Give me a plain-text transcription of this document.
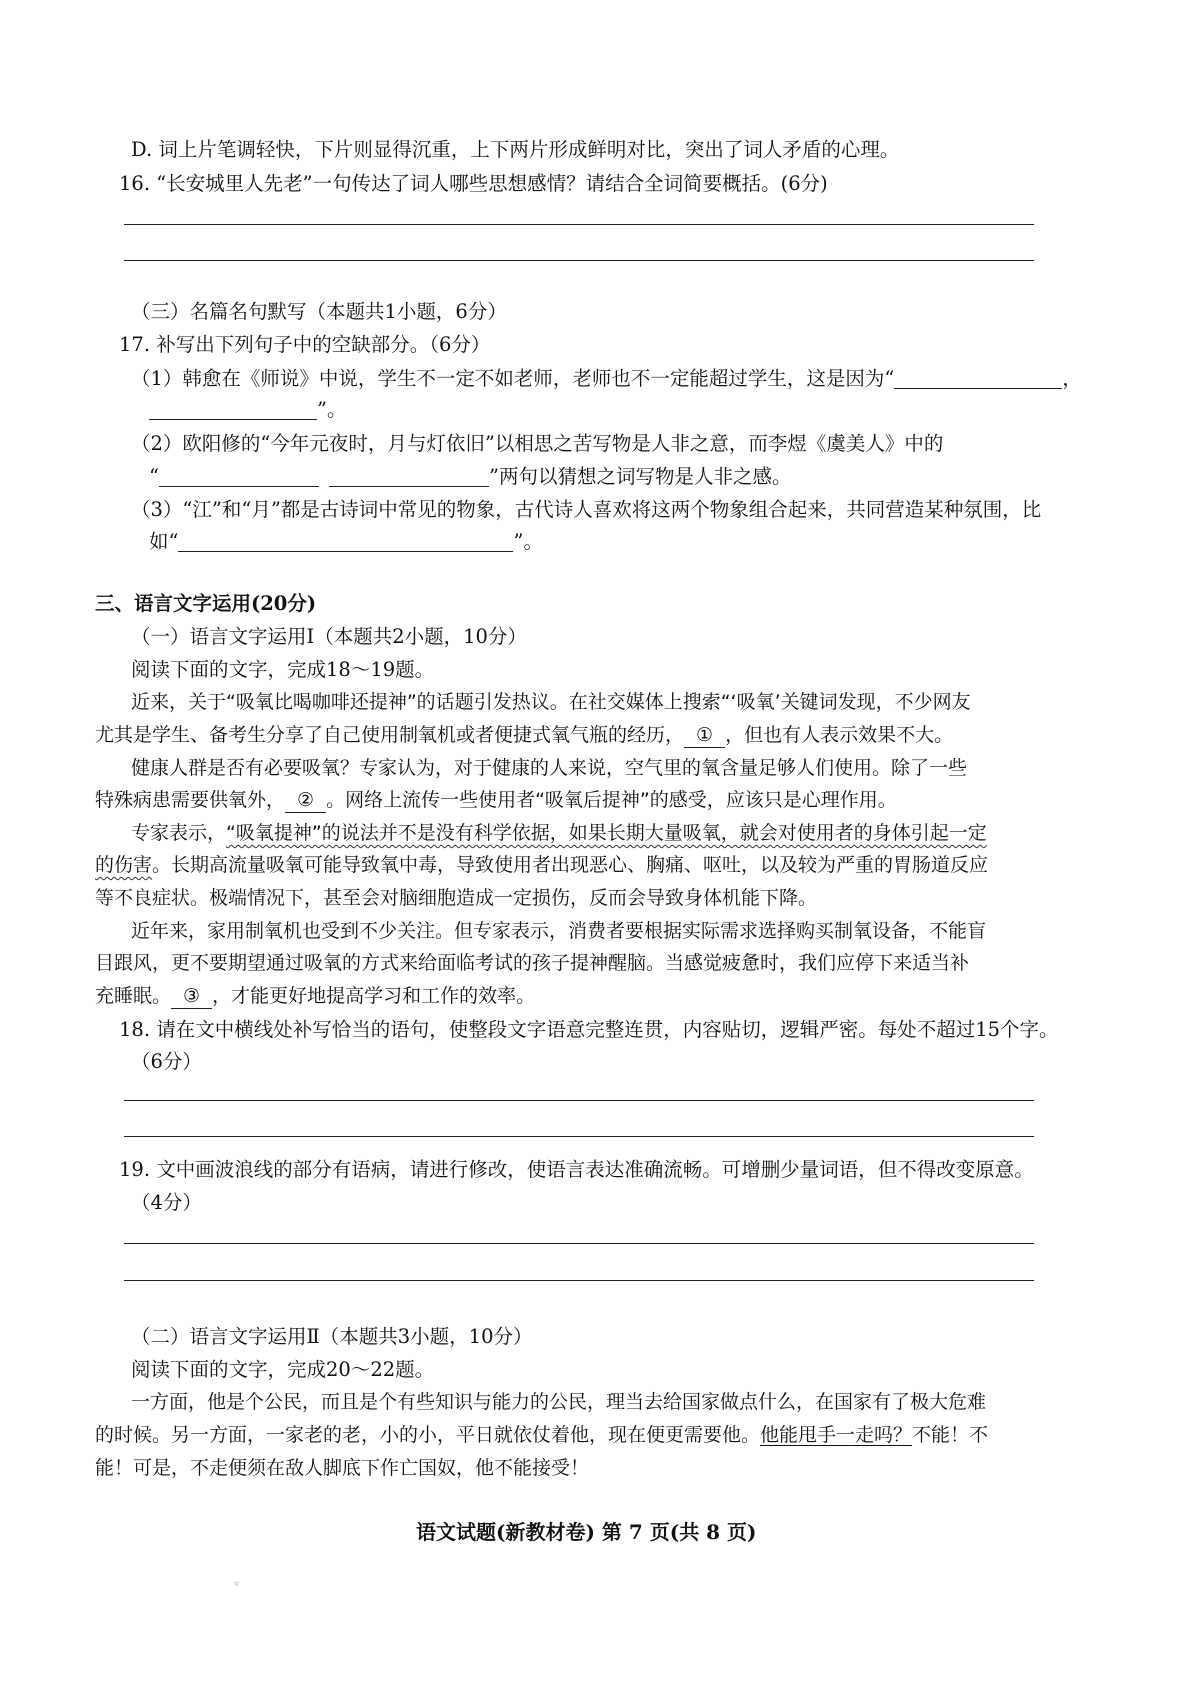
D. 词上片笔调轻快，下片则显得沉重，上下两片形成鲜明对比，突出了词人矛盾的心理。
16. “长安城里人先老”一句传达了词人哪些思想感情？请结合全词简要概括。(6分)
（三）名篇名句默写（本题共1小题，6分）
17. 补写出下列句子中的空缺部分。（6分）
（1）韩愈在《师说》中说，学生不一定不如老师，老师也不一定能超过学生，这是因为“	，
”。
（2）欧阳修的“今年元夜时，月与灯依旧”以相思之苦写物是人非之意，而李煜《虞美人》中的
“	”两句以猜想之词写物是人非之感。
（3）“江”和“月”都是古诗词中常见的物象，古代诗人喜欢将这两个物象组合起来，共同营造某种氛围，比
如“	”。
三、语言文字运用(20分)
（一）语言文字运用Ⅰ（本题共2小题，10分）
阅读下面的文字，完成18～19题。
近来，关于“吸氧比喝咖啡还提神”的话题引发热议。在社交媒体上搜索“‘吸氧’关键词发现，不少网友
尤其是学生、备考生分享了自己使用制氧机或者便捷式氧气瓶的经历， ① ，但也有人表示效果不大。
健康人群是否有必要吸氧？专家认为，对于健康的人来说，空气里的氧含量足够人们使用。除了一些
特殊病患需要供氧外， ② 。网络上流传一些使用者“吸氧后提神”的感受，应该只是心理作用。
专家表示，“吸氧提神”的说法并不是没有科学依据，如果长期大量吸氧，就会对使用者的身体引起一定
的伤害。长期高流量吸氧可能导致氧中毒，导致使用者出现恶心、胸痛、呕吐，以及较为严重的胃肠道反应
等不良症状。极端情况下，甚至会对脑细胞造成一定损伤，反而会导致身体机能下降。
近年来，家用制氧机也受到不少关注。但专家表示，消费者要根据实际需求选择购买制氧设备，不能盲
目跟风，更不要期望通过吸氧的方式来给面临考试的孩子提神醒脑。当感觉疲惫时，我们应停下来适当补
充睡眠。 ③ ，才能更好地提高学习和工作的效率。
18. 请在文中横线处补写恰当的语句，使整段文字语意完整连贯，内容贴切，逻辑严密。每处不超过15个字。
（6分）
19. 文中画波浪线的部分有语病，请进行修改，使语言表达准确流畅。可增删少量词语，但不得改变原意。
（4分）
（二）语言文字运用Ⅱ（本题共3小题，10分）
阅读下面的文字，完成20～22题。
一方面，他是个公民，而且是个有些知识与能力的公民，理当去给国家做点什么，在国家有了极大危难
的时候。另一方面，一家老的老，小的小，平日就依仗着他，现在便更需要他。他能甩手一走吗？不能！不
能！可是，不走便须在敌人脚底下作亡国奴，他不能接受！
语文试题(新教材卷) 第 7 页(共 8 页)
◦
